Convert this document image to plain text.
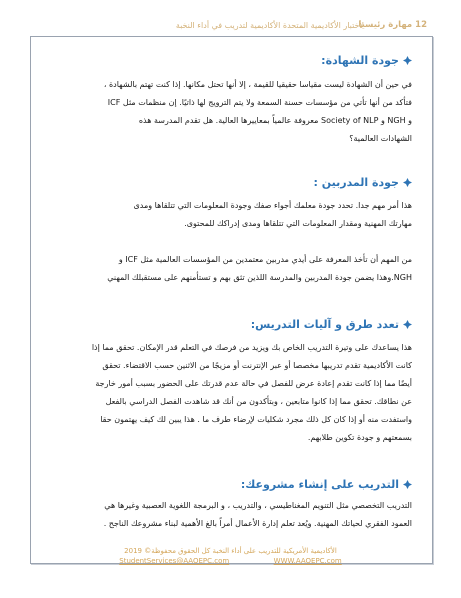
لأختبار الأكاديمية المتحدة الأكاديمية لتدريب في أداء النخبة
12 مهارة رئيسيا
جودة الشهادة:

في حين أن الشهادة ليست مقياسا حقيقيا للقيمة ، إلا أنها تحتل مكانها. إذا كنت تهتم بالشهادة ،

فتأكد من أنها تأتي من مؤسسات حسنة السمعة ولا يتم الترويج لها ذاتيًا. إن منظمات مثل ICF

و NGH و Society of NLP معروفة عالمياً بمعاييرها العالية. هل تقدم المدرسة هذه

الشهادات العالمية؟

جودة المدربين :

هذا أمر مهم جدا. تحدد جودة معلمك أجواء صفك وجودة المعلومات التي تتلقاها ومدى

مهارتك المهنية ومقدار المعلومات التي تتلقاها ومدى إدراكك للمحتوى.

من المهم أن تأخذ المعرفة على أيدي مدربين معتمدين من المؤسسات العالمية مثل ICF و

NGH.وهذا يضمن جودة المدربين والمدرسة اللذين تثق بهم و تستأمنهم على مستقبلك المهني

تعدد طرق و آليات التدريس:

هذا يساعدك على وتيرة التدريب الخاص بك ويزيد من فرصك في التعلم قدر الإمكان. تحقق مما إذا

كانت الأكاديمية تقدم تدريبها مخصصا أو عبر الإنترنت أو مزيجًا من الاثنين حسب الاقتضاء. تحقق

أيضًا مما إذا كانت تقدم إعادة عرض للفصل في حالة عدم قدرتك على الحضور بسبب أمور خارجة

عن نطاقك. تحقق مما إذا كانوا متابعين ، وبتأكدون من أنك قد شاهدت الفصل الدراسي بالفعل

واستفدت منه أو إذا كان كل ذلك مجرد شكليات لإرضاء طرف ما . هذا يبين لك كيف يهتمون حقا

بسمعتهم و جودة تكوين طلابهم.

التدريب على إنشاء مشروعك:

التدريب التخصصي مثل التنويم المغناطيسي ، والتدريب ، و البرمجة اللغوية العصبية وغيرها هي

العمود الفقري لحياتك المهنية. ويُعد تعلم إدارة الأعمال أمراً بالغ الأهمية لبناء مشروعك الناجح .

الأكاديمية الأمريكية للتدريب على أداء النخبة كل الحقوق محفوظة© 2019
StudentServices@AAOEPC.com	WWW.AAOEPC.com
